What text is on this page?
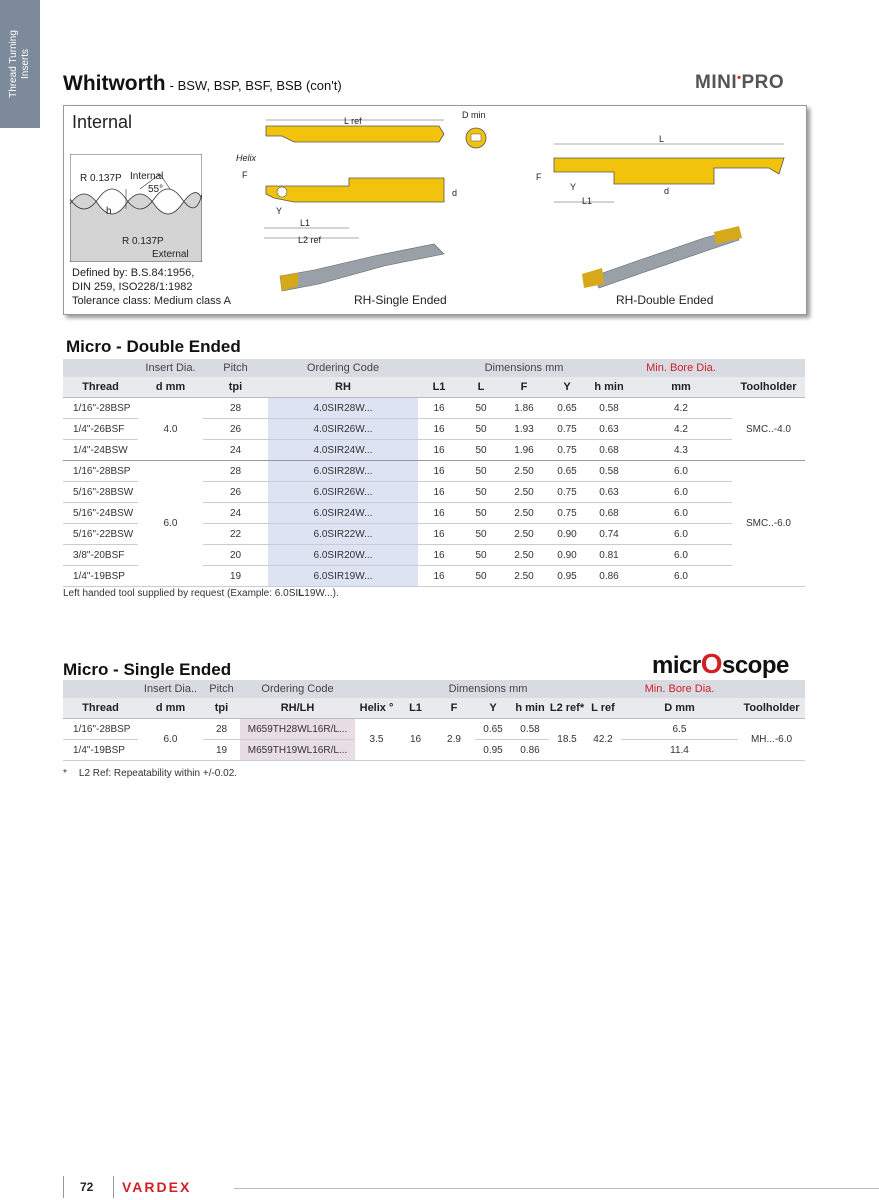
Thread Turning Inserts
Whitworth - BSW, BSP, BSF, BSB (con't)	MINI•PRO
Internal
R 0.137P Internal
55°
h
R 0.137P
External
Defined by: B.S.84:1956,
DIN 259, ISO228/1:1982
Tolerance class: Medium class A
L ref
D min
Helix
F
Y
L1
L2 ref
d
L
F
Y
L1
d
RH-Single Ended	RH-Double Ended
Micro - Double Ended
	Insert Dia.	Pitch	Ordering Code	Dimensions mm					Min. Bore Dia.	
Thread	d mm	tpi	RH	L1	L	F	Y	h min	mm	Toolholder
1/16"-28BSP	4.0	28	4.0SIR28W...	16	50	1.86	0.65	0.58	4.2	SMC..-4.0
1/4"-26BSF		26	4.0SIR26W...	16	50	1.93	0.75	0.63	4.2	
1/4"-24BSW		24	4.0SIR24W...	16	50	1.96	0.75	0.68	4.3	
1/16"-28BSP	6.0	28	6.0SIR28W...	16	50	2.50	0.65	0.58	6.0	SMC..-6.0
5/16"-28BSW		26	6.0SIR26W...	16	50	2.50	0.75	0.63	6.0	
5/16"-24BSW		24	6.0SIR24W...	16	50	2.50	0.75	0.68	6.0	
5/16"-22BSW		22	6.0SIR22W...	16	50	2.50	0.90	0.74	6.0	
3/8"-20BSF		20	6.0SIR20W...	16	50	2.50	0.90	0.81	6.0	
1/4"-19BSP		19	6.0SIR19W...	16	50	2.50	0.95	0.86	6.0	
Left handed tool supplied by request (Example: 6.0SIL19W...).
Micro - Single Ended	micrOscope
	Insert Dia..	Pitch	Ordering Code	Dimensions mm							Min. Bore Dia.	
Thread	d mm	tpi	RH/LH	Helix °	L1	F	Y	h min	L2 ref*	L ref	D mm	Toolholder
1/16"-28BSP	6.0	28	M659TH28WL16R/L...	3.5	16	2.9	0.65	0.58	18.5	42.2	6.5	MH...-6.0
1/4"-19BSP		19	M659TH19WL16R/L...				0.95	0.86			11.4	
* L2 Ref: Repeatability within +/-0.02.
72 VARDEX
